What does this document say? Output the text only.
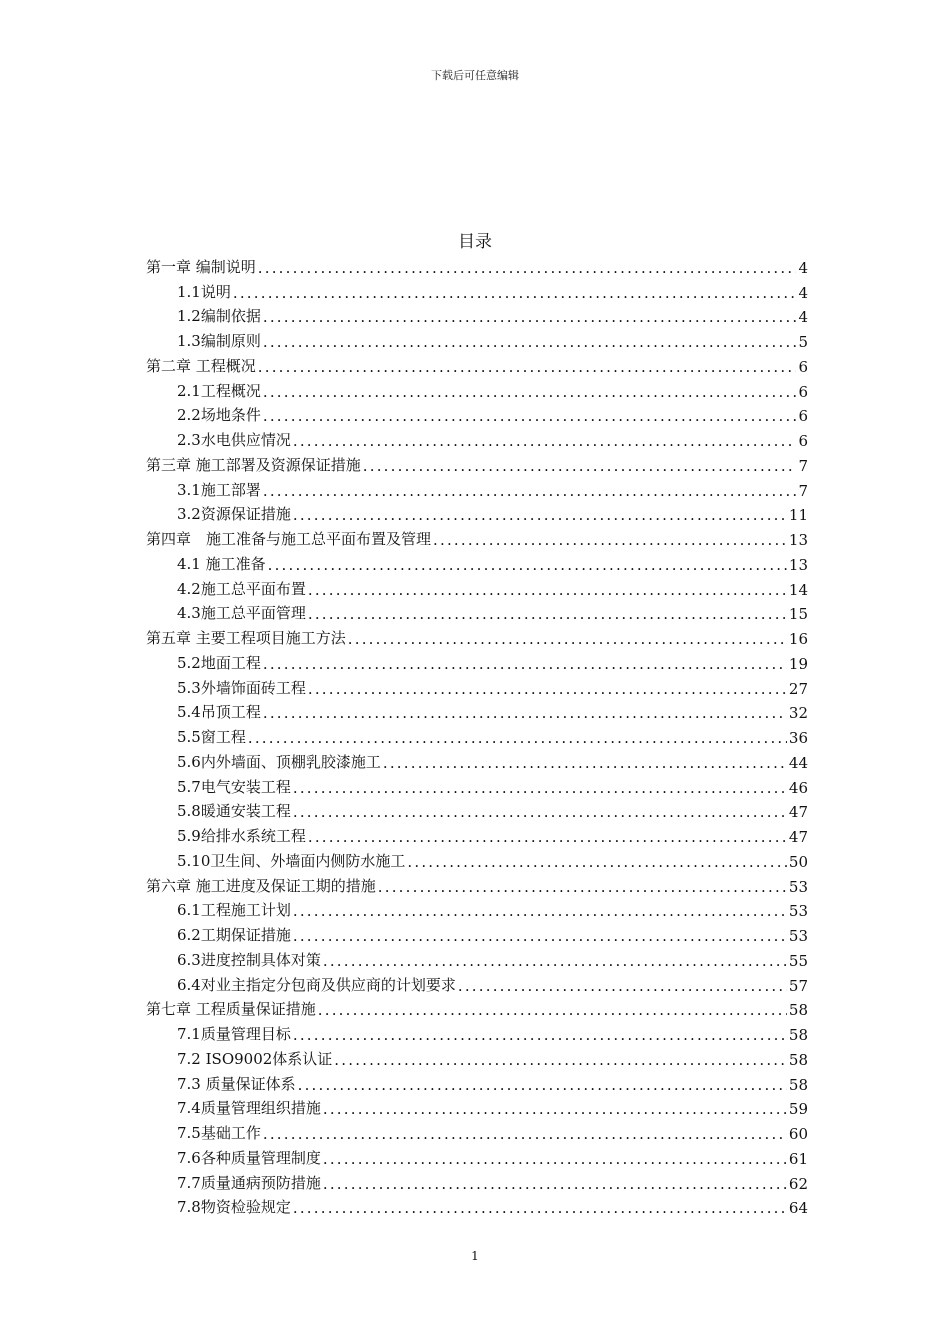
下载后可任意编辑
目录
第一章 编制说明 .....	4
1.1说明 .....	4
1.2编制依据 .....	4
1.3编制原则 .....	5
第二章 工程概况 .....	6
2.1工程概况 .....	6
2.2场地条件 .....	6
2.3水电供应情况 .....	6
第三章 施工部署及资源保证措施 .....	7
3.1施工部署 .....	7
3.2资源保证措施 .....	11
第四章　施工准备与施工总平面布置及管理 .....	13
4.1 施工准备 .....	13
4.2施工总平面布置 .....	14
4.3施工总平面管理 .....	15
第五章 主要工程项目施工方法 .....	16
5.2地面工程 .....	19
5.3外墙饰面砖工程 .....	27
5.4吊顶工程 .....	32
5.5窗工程 .....	36
5.6内外墙面、顶棚乳胶漆施工 .....	44
5.7电气安装工程 .....	46
5.8暖通安装工程 .....	47
5.9给排水系统工程 .....	47
5.10卫生间、外墙面内侧防水施工 .....	50
第六章 施工进度及保证工期的措施 .....	53
6.1工程施工计划 .....	53
6.2工期保证措施 .....	53
6.3进度控制具体对策 .....	55
6.4对业主指定分包商及供应商的计划要求 .....	57
第七章 工程质量保证措施 .....	58
7.1质量管理目标 .....	58
7.2 ISO9002体系认证 .....	58
7.3 质量保证体系 .....	58
7.4质量管理组织措施 .....	59
7.5基础工作 .....	60
7.6各种质量管理制度 .....	61
7.7质量通病预防措施 .....	62
7.8物资检验规定 .....	64
1
